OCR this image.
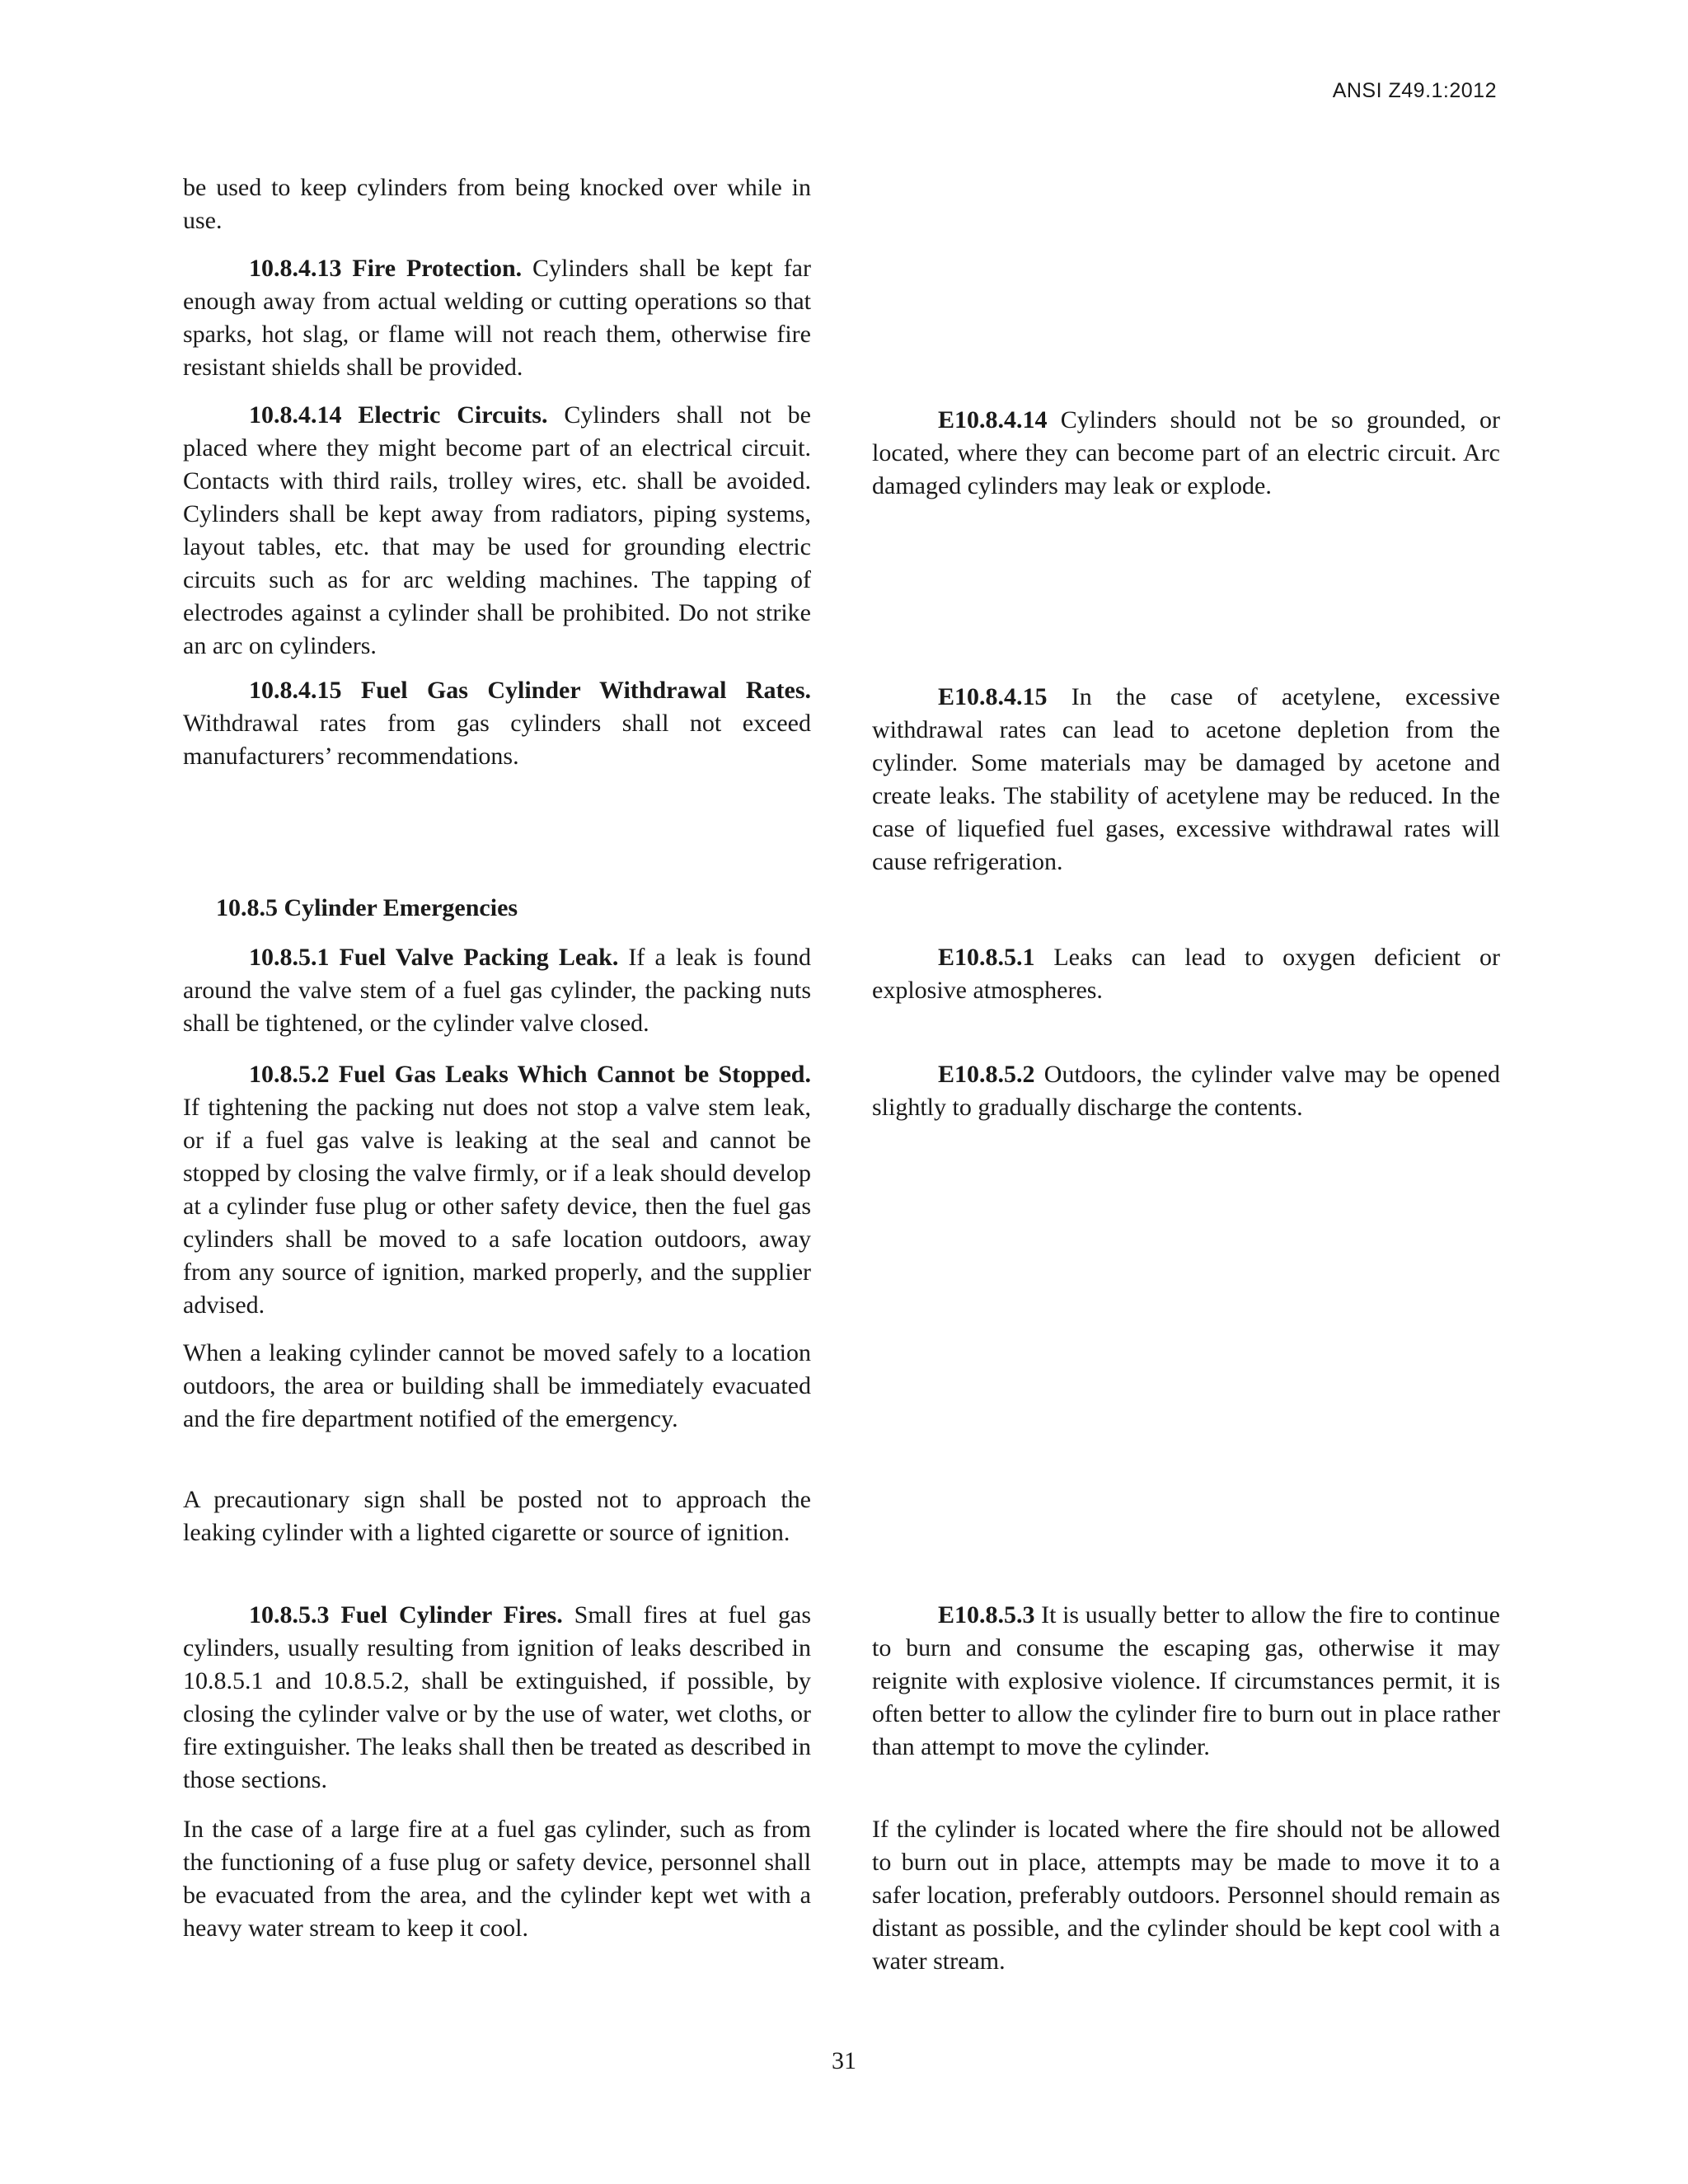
ANSI Z49.1:2012

be used to keep cylinders from being knocked over while in use.

10.8.4.13 Fire Protection. Cylinders shall be kept far enough away from actual welding or cutting operations so that sparks, hot slag, or flame will not reach them, otherwise fire resistant shields shall be provided.

10.8.4.14 Electric Circuits. Cylinders shall not be placed where they might become part of an electrical circuit. Contacts with third rails, trolley wires, etc. shall be avoided. Cylinders shall be kept away from radiators, piping systems, layout tables, etc. that may be used for grounding electric circuits such as for arc welding machines. The tapping of electrodes against a cylinder shall be prohibited. Do not strike an arc on cylinders.

10.8.4.15 Fuel Gas Cylinder Withdrawal Rates. Withdrawal rates from gas cylinders shall not exceed manufacturers’ recommendations.

10.8.5 Cylinder Emergencies

10.8.5.1 Fuel Valve Packing Leak. If a leak is found around the valve stem of a fuel gas cylinder, the packing nuts shall be tightened, or the cylinder valve closed.

10.8.5.2 Fuel Gas Leaks Which Cannot be Stopped. If tightening the packing nut does not stop a valve stem leak, or if a fuel gas valve is leaking at the seal and cannot be stopped by closing the valve firmly, or if a leak should develop at a cylinder fuse plug or other safety device, then the fuel gas cylinders shall be moved to a safe location outdoors, away from any source of ignition, marked properly, and the supplier advised.

When a leaking cylinder cannot be moved safely to a location outdoors, the area or building shall be immediately evacuated and the fire department notified of the emergency.

A precautionary sign shall be posted not to approach the leaking cylinder with a lighted cigarette or source of ignition.

10.8.5.3 Fuel Cylinder Fires. Small fires at fuel gas cylinders, usually resulting from ignition of leaks described in 10.8.5.1 and 10.8.5.2, shall be extinguished, if possible, by closing the cylinder valve or by the use of water, wet cloths, or fire extinguisher. The leaks shall then be treated as described in those sections.

In the case of a large fire at a fuel gas cylinder, such as from the functioning of a fuse plug or safety device, personnel shall be evacuated from the area, and the cylinder kept wet with a heavy water stream to keep it cool.

E10.8.4.14 Cylinders should not be so grounded, or located, where they can become part of an electric circuit. Arc damaged cylinders may leak or explode.

E10.8.4.15 In the case of acetylene, excessive withdrawal rates can lead to acetone depletion from the cylinder. Some materials may be damaged by acetone and create leaks. The stability of acetylene may be reduced. In the case of liquefied fuel gases, excessive withdrawal rates will cause refrigeration.

E10.8.5.1 Leaks can lead to oxygen deficient or explosive atmospheres.

E10.8.5.2 Outdoors, the cylinder valve may be opened slightly to gradually discharge the contents.

E10.8.5.3 It is usually better to allow the fire to continue to burn and consume the escaping gas, otherwise it may reignite with explosive violence. If circumstances permit, it is often better to allow the cylinder fire to burn out in place rather than attempt to move the cylinder.

If the cylinder is located where the fire should not be allowed to burn out in place, attempts may be made to move it to a safer location, preferably outdoors. Personnel should remain as distant as possible, and the cylinder should be kept cool with a water stream.

31
